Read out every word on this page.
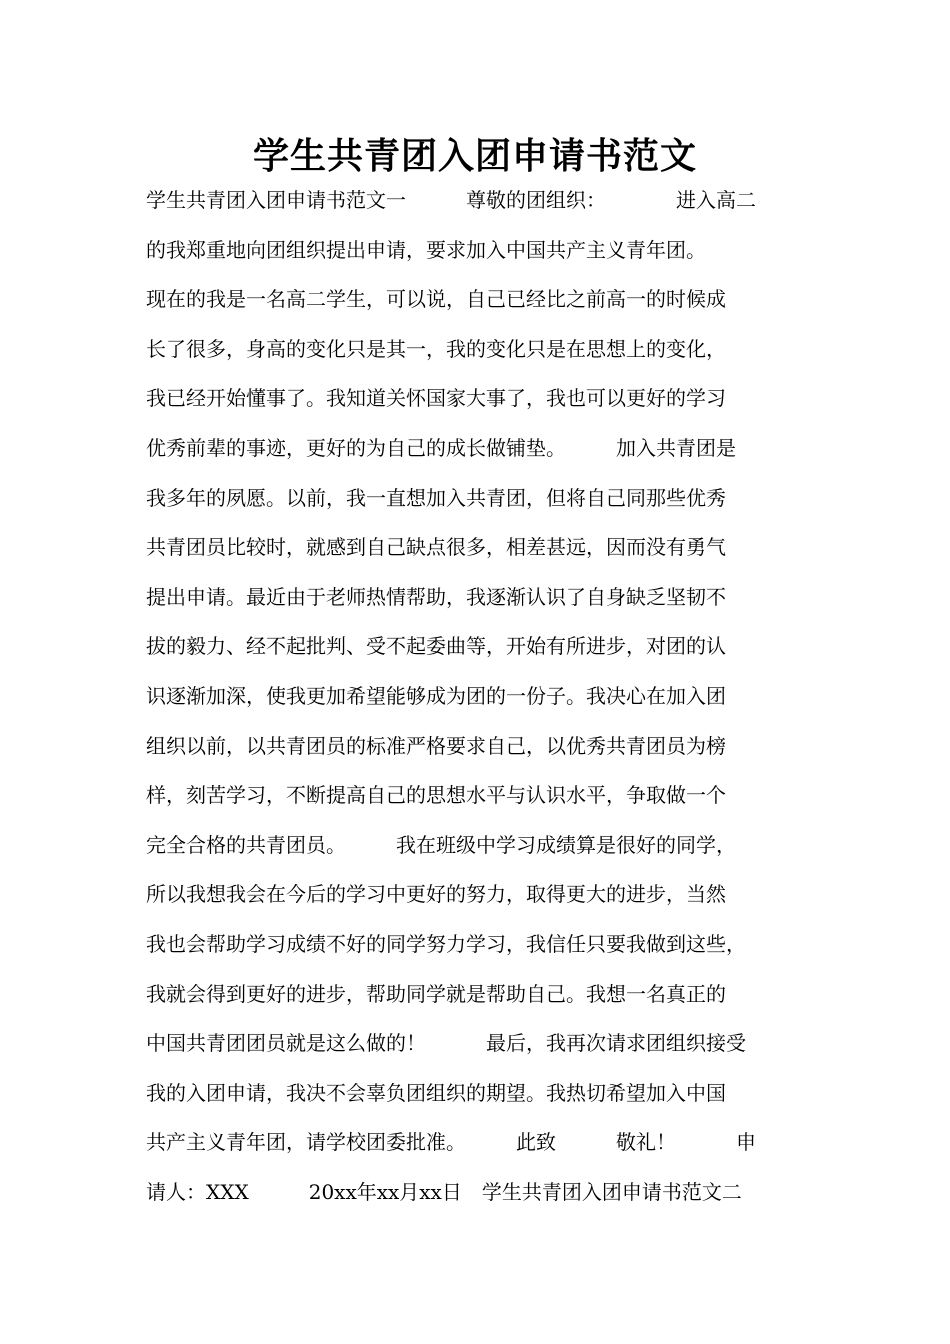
学生共青团入团申请书范文
学生共青团入团申请书范文一　　　尊敬的团组织：　　　　进入高二
的我郑重地向团组织提出申请，要求加入中国共产主义青年团。
现在的我是一名高二学生，可以说，自己已经比之前高一的时候成
长了很多，身高的变化只是其一，我的变化只是在思想上的变化，
我已经开始懂事了。我知道关怀国家大事了，我也可以更好的学习
优秀前辈的事迹，更好的为自己的成长做铺垫。　　　加入共青团是
我多年的夙愿。以前，我一直想加入共青团，但将自己同那些优秀
共青团员比较时，就感到自己缺点很多，相差甚远，因而没有勇气
提出申请。最近由于老师热情帮助，我逐渐认识了自身缺乏坚韧不
拔的毅力、经不起批判、受不起委曲等，开始有所进步，对团的认
识逐渐加深，使我更加希望能够成为团的一份子。我决心在加入团
组织以前，以共青团员的标准严格要求自己，以优秀共青团员为榜
样，刻苦学习，不断提高自己的思想水平与认识水平，争取做一个
完全合格的共青团员。　　　我在班级中学习成绩算是很好的同学，
所以我想我会在今后的学习中更好的努力，取得更大的进步，当然
我也会帮助学习成绩不好的同学努力学习，我信任只要我做到这些，
我就会得到更好的进步，帮助同学就是帮助自己。我想一名真正的
中国共青团团员就是这么做的！　　　最后，我再次请求团组织接受
我的入团申请，我决不会辜负团组织的期望。我热切希望加入中国
共产主义青年团，请学校团委批准。　　　此致　　　敬礼！　　　申
请人：XXX　　　20xx年xx月xx日　学生共青团入团申请书范文二
